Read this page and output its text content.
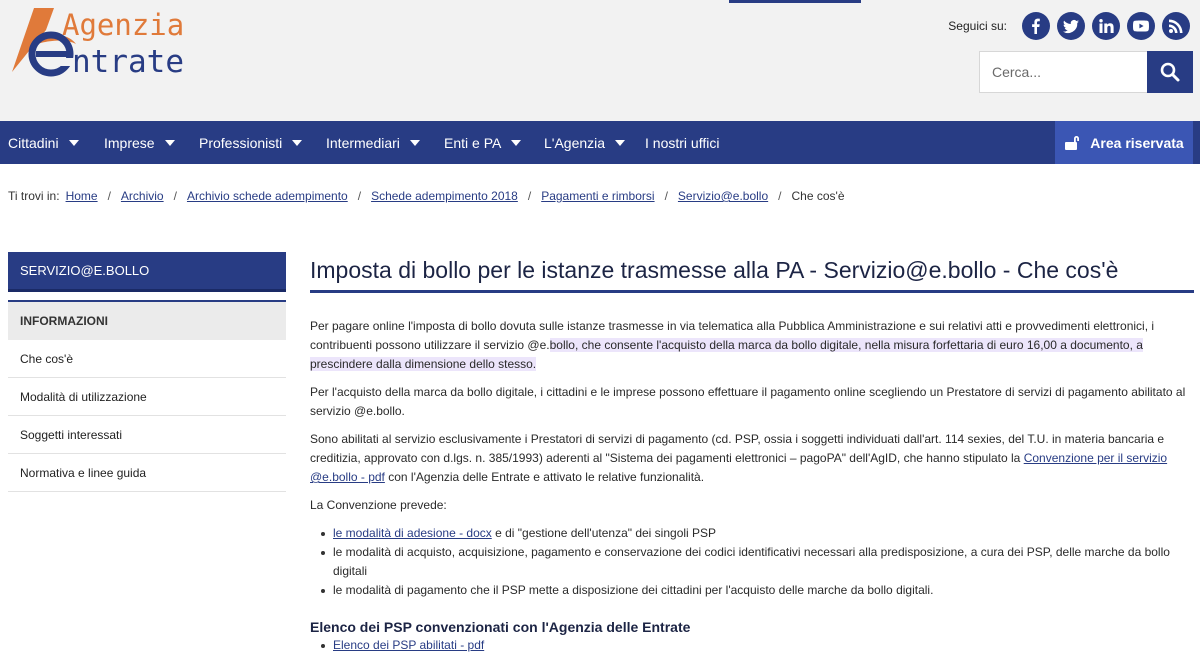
Agenzia
ntrate
Seguici su:
Cerca...
Cittadini	Imprese	Professionisti	Intermediari	Enti e PA	L'Agenzia	I nostri uffici	Area riservata
Ti trovi in: Home / Archivio / Archivio schede adempimento / Schede adempimento 2018 / Pagamenti e rimborsi / Servizio@e.bollo / Che cos'è
SERVIZIO@E.BOLLO
INFORMAZIONI
Che cos'è
Modalità di utilizzazione
Soggetti interessati
Normativa e linee guida
Imposta di bollo per le istanze trasmesse alla PA - Servizio@e.bollo - Che cos'è

Per pagare online l'imposta di bollo dovuta sulle istanze trasmesse in via telematica alla Pubblica Amministrazione e sui relativi atti e provvedimenti elettronici, i contribuenti possono utilizzare il servizio @e.bollo, che consente l'acquisto della marca da bollo digitale, nella misura forfettaria di euro 16,00 a documento, a prescindere dalla dimensione dello stesso.

Per l'acquisto della marca da bollo digitale, i cittadini e le imprese possono effettuare il pagamento online scegliendo un Prestatore di servizi di pagamento abilitato al servizio @e.bollo.

Sono abilitati al servizio esclusivamente i Prestatori di servizi di pagamento (cd. PSP, ossia i soggetti individuati dall'art. 114 sexies, del T.U. in materia bancaria e creditizia, approvato con d.lgs. n. 385/1993) aderenti al "Sistema dei pagamenti elettronici – pagoPA" dell'AgID, che hanno stipulato la Convenzione per il servizio @e.bollo - pdf con l'Agenzia delle Entrate e attivato le relative funzionalità.

La Convenzione prevede:

le modalità di adesione - docx e di "gestione dell'utenza" dei singoli PSP
le modalità di acquisto, acquisizione, pagamento e conservazione dei codici identificativi necessari alla predisposizione, a cura dei PSP, delle marche da bollo digitali
le modalità di pagamento che il PSP mette a disposizione dei cittadini per l'acquisto delle marche da bollo digitali.
Elenco dei PSP convenzionati con l'Agenzia delle Entrate
Elenco dei PSP abilitati - pdf
